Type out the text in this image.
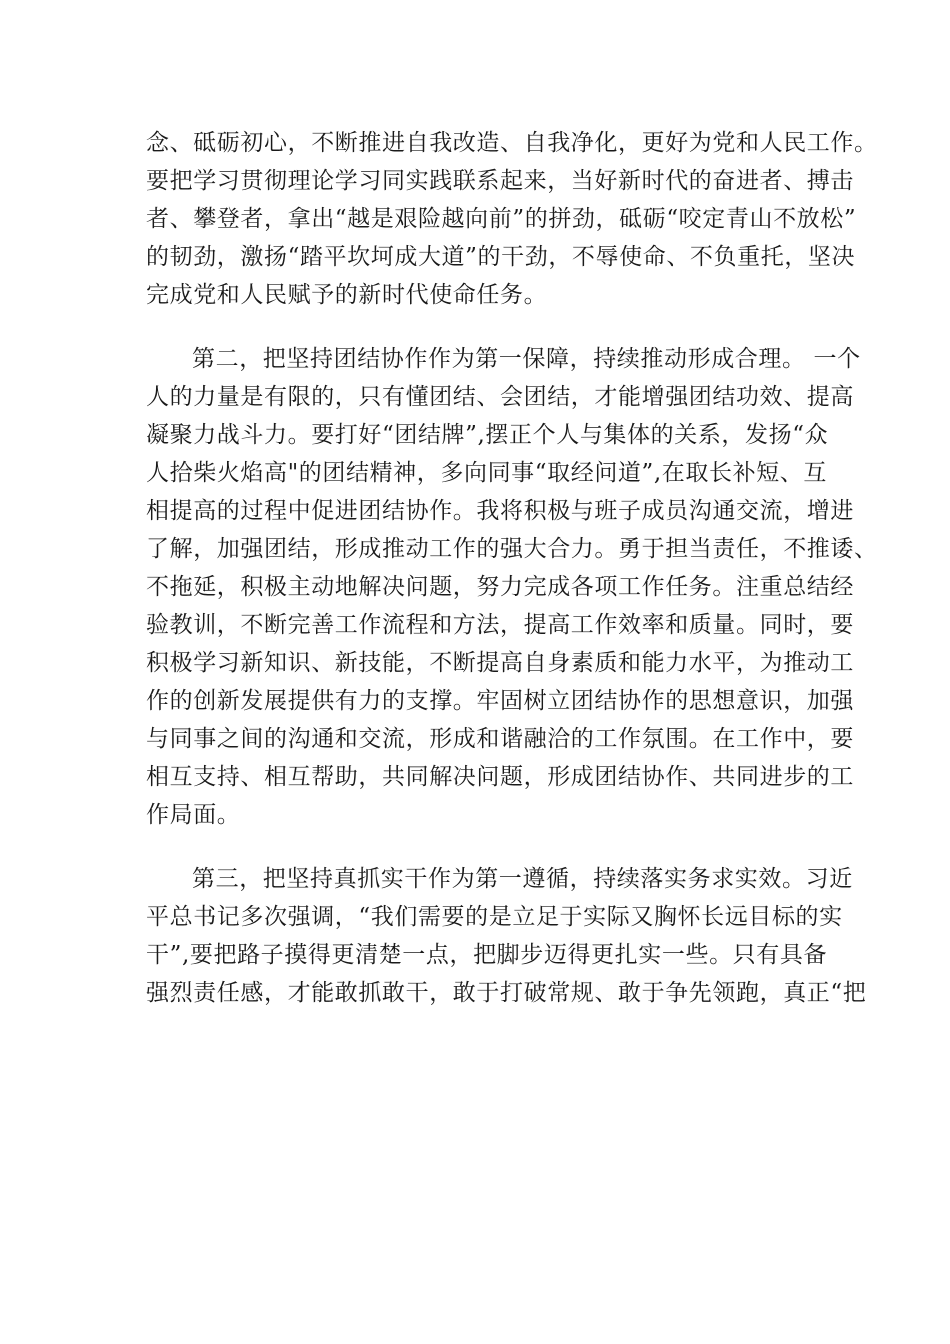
念、砥砺初心，不断推进自我改造、自我净化，更好为党和人民工作。
要把学习贯彻理论学习同实践联系起来，当好新时代的奋进者、搏击
者、攀登者，拿出“越是艰险越向前”的拼劲，砥砺“咬定青山不放松”
的韧劲，激扬“踏平坎坷成大道”的干劲，不辱使命、不负重托，坚决
完成党和人民赋予的新时代使命任务。
第二，把坚持团结协作作为第一保障，持续推动形成合理。 一个
人的力量是有限的，只有懂团结、会团结，才能增强团结功效、提高
凝聚力战斗力。要打好“团结牌”,摆正个人与集体的关系，发扬“众
人拾柴火焰高"的团结精神，多向同事“取经问道”,在取长补短、互
相提高的过程中促进团结协作。我将积极与班子成员沟通交流，增进
了解，加强团结，形成推动工作的强大合力。勇于担当责任，不推诿、
不拖延，积极主动地解决问题，努力完成各项工作任务。注重总结经
验教训，不断完善工作流程和方法，提高工作效率和质量。同时，要
积极学习新知识、新技能，不断提高自身素质和能力水平，为推动工
作的创新发展提供有力的支撑。牢固树立团结协作的思想意识，加强
与同事之间的沟通和交流，形成和谐融洽的工作氛围。在工作中，要
相互支持、相互帮助，共同解决问题，形成团结协作、共同进步的工
作局面。
第三，把坚持真抓实干作为第一遵循，持续落实务求实效。习近
平总书记多次强调，“我们需要的是立足于实际又胸怀长远目标的实
干”,要把路子摸得更清楚一点，把脚步迈得更扎实一些。只有具备
强烈责任感，才能敢抓敢干，敢于打破常规、敢于争先领跑，真正“把
